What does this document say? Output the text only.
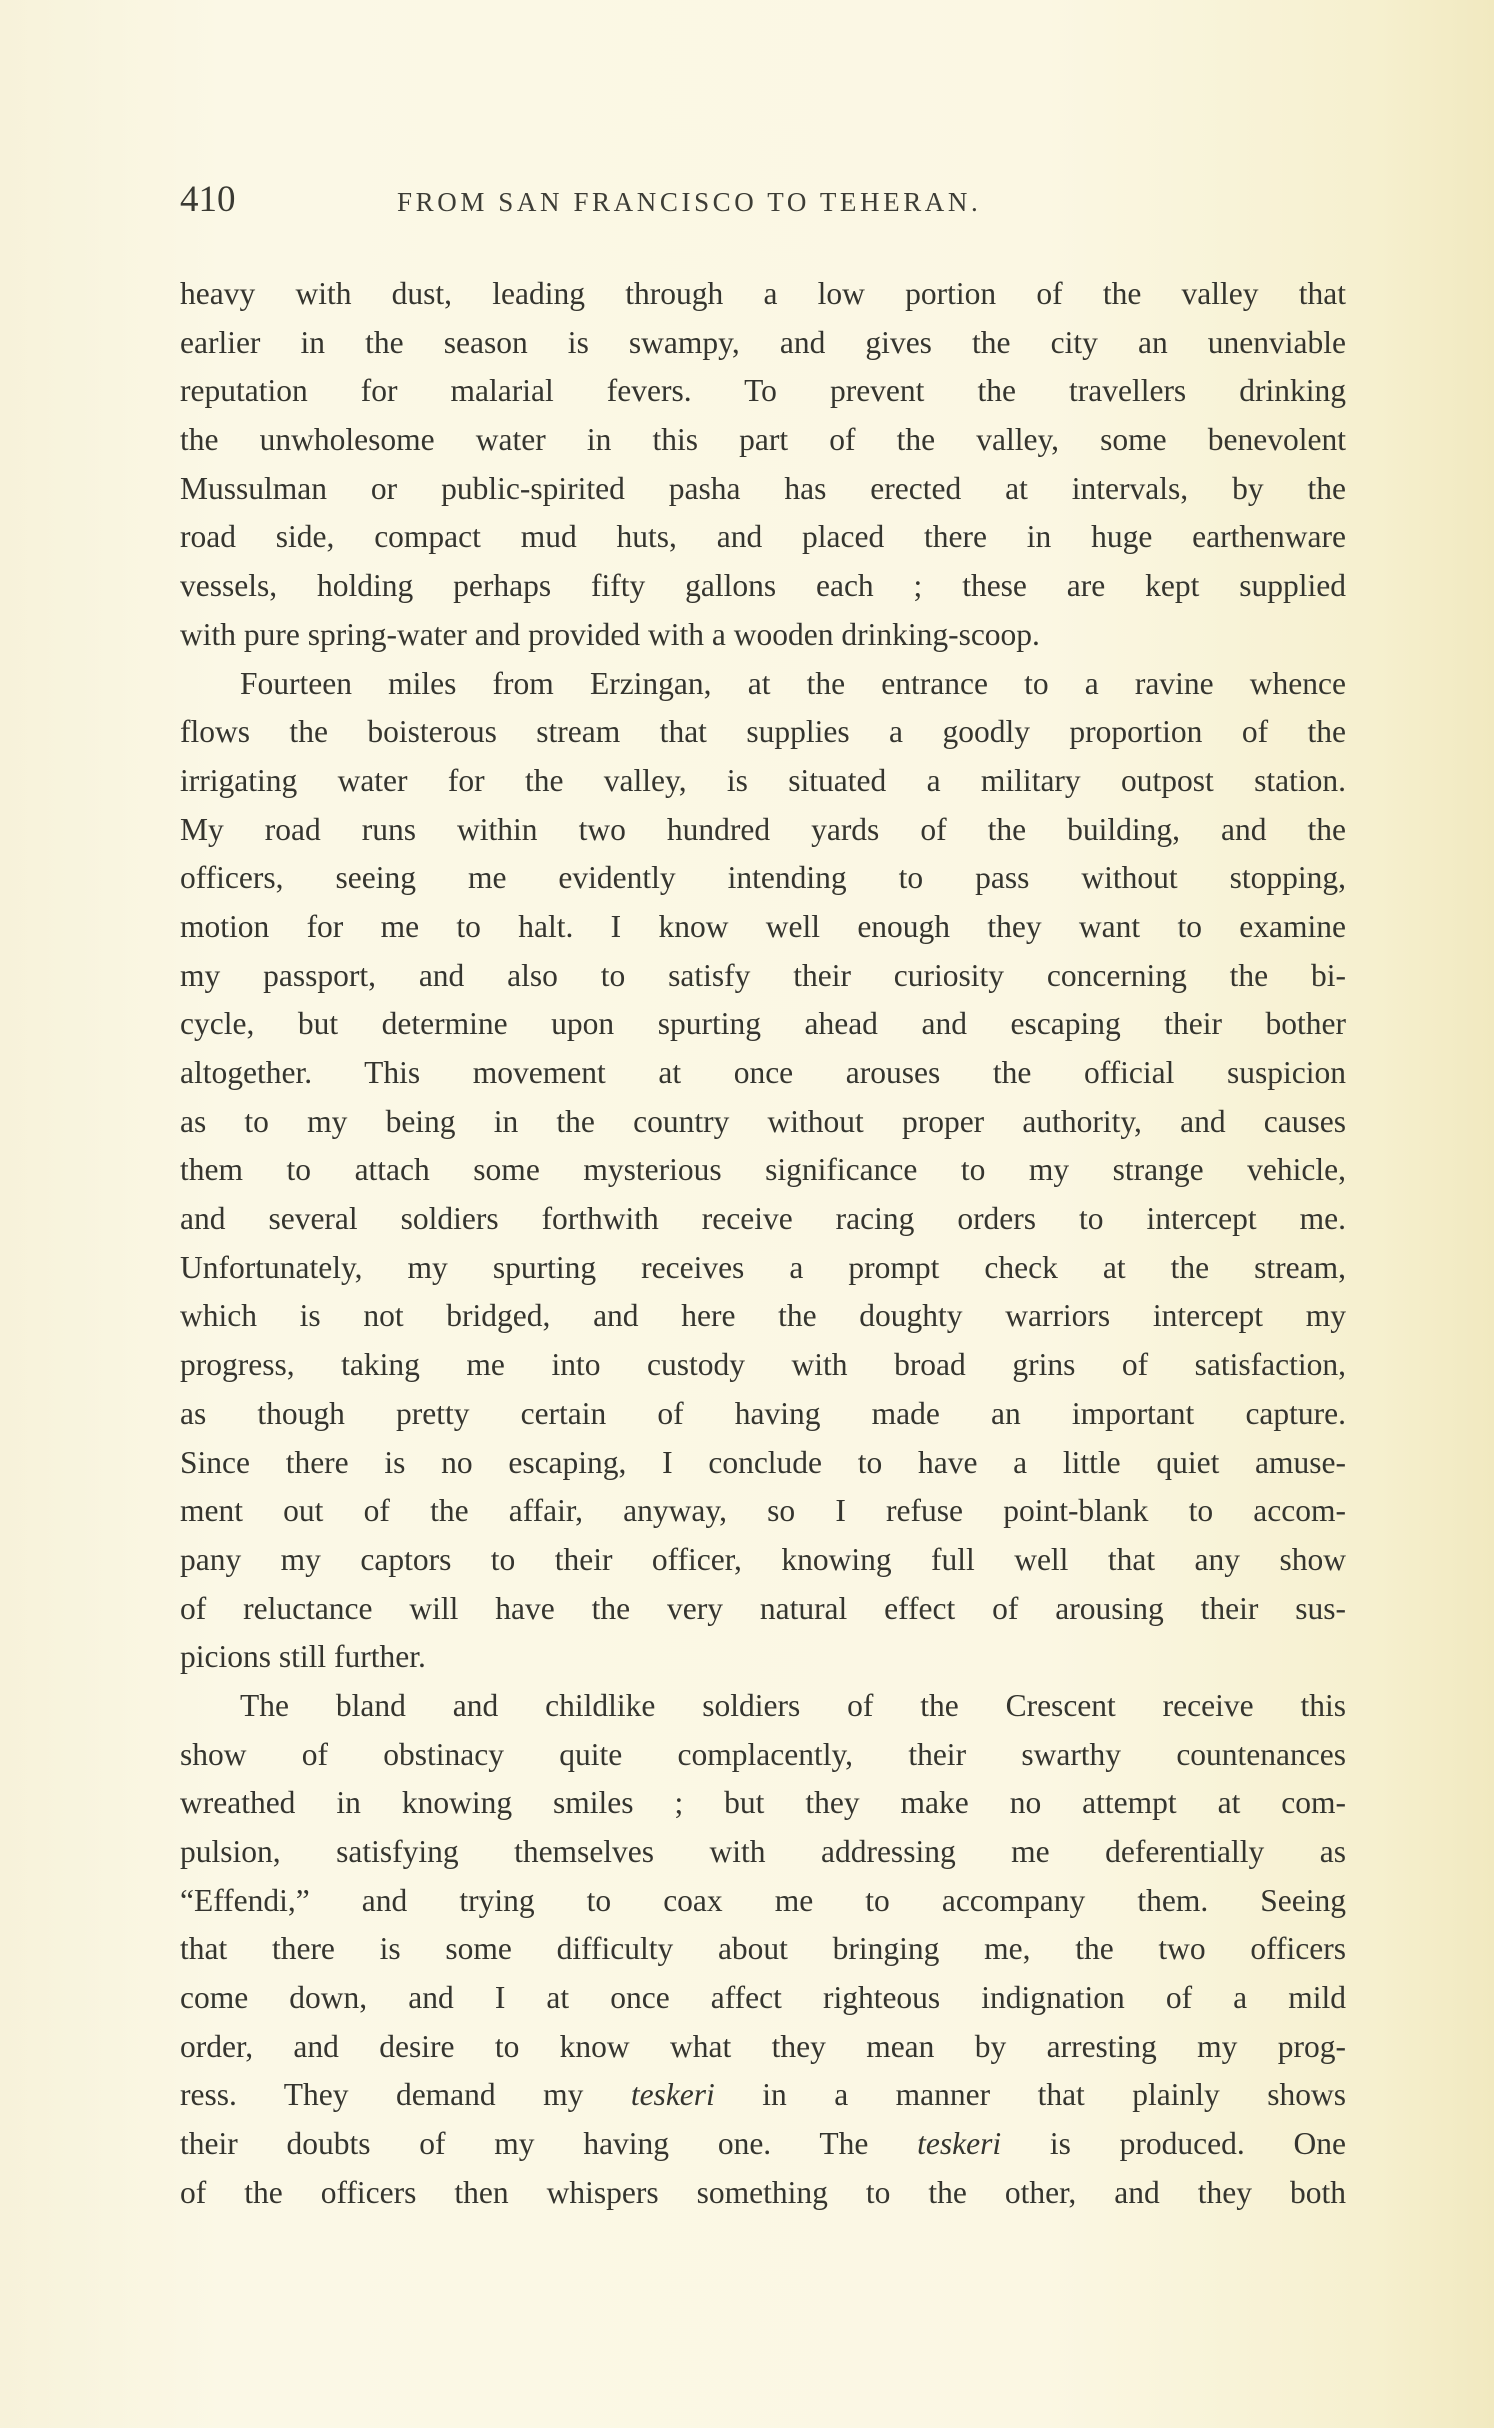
410	FROM SAN FRANCISCO TO TEHERAN.
heavy with dust, leading through a low portion of the valley that
earlier in the season is swampy, and gives the city an unenviable
reputation for malarial fevers. To prevent the travellers drinking
the unwholesome water in this part of the valley, some benevolent
Mussulman or public-spirited pasha has erected at intervals, by the
road side, compact mud huts, and placed there in huge earthenware
vessels, holding perhaps fifty gallons each ; these are kept supplied
with pure spring-water and provided with a wooden drinking-scoop.
Fourteen miles from Erzingan, at the entrance to a ravine whence
flows the boisterous stream that supplies a goodly proportion of the
irrigating water for the valley, is situated a military outpost station.
My road runs within two hundred yards of the building, and the
officers, seeing me evidently intending to pass without stopping,
motion for me to halt. I know well enough they want to examine
my passport, and also to satisfy their curiosity concerning the bi-
cycle, but determine upon spurting ahead and escaping their bother
altogether. This movement at once arouses the official suspicion
as to my being in the country without proper authority, and causes
them to attach some mysterious significance to my strange vehicle,
and several soldiers forthwith receive racing orders to intercept me.
Unfortunately, my spurting receives a prompt check at the stream,
which is not bridged, and here the doughty warriors intercept my
progress, taking me into custody with broad grins of satisfaction,
as though pretty certain of having made an important capture.
Since there is no escaping, I conclude to have a little quiet amuse-
ment out of the affair, anyway, so I refuse point-blank to accom-
pany my captors to their officer, knowing full well that any show
of reluctance will have the very natural effect of arousing their sus-
picions still further.
The bland and childlike soldiers of the Crescent receive this
show of obstinacy quite complacently, their swarthy countenances
wreathed in knowing smiles ; but they make no attempt at com-
pulsion, satisfying themselves with addressing me deferentially as
“Effendi,” and trying to coax me to accompany them. Seeing
that there is some difficulty about bringing me, the two officers
come down, and I at once affect righteous indignation of a mild
order, and desire to know what they mean by arresting my prog-
ress. They demand my teskeri in a manner that plainly shows
their doubts of my having one. The teskeri is produced. One
of the officers then whispers something to the other, and they both
